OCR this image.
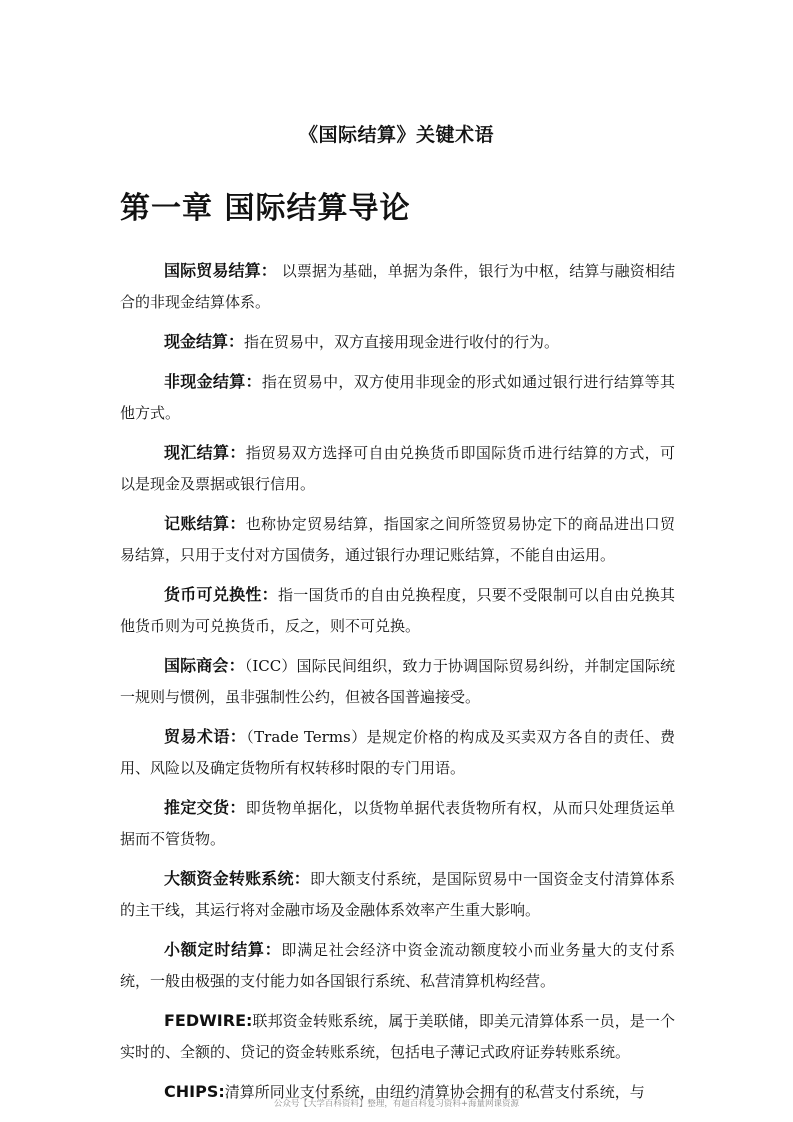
《国际结算》关键术语
第一章 国际结算导论

国际贸易结算： 以票据为基础，单据为条件，银行为中枢，结算与融资相结合的非现金结算体系。

现金结算：指在贸易中，双方直接用现金进行收付的行为。

非现金结算：指在贸易中，双方使用非现金的形式如通过银行进行结算等其他方式。

现汇结算：指贸易双方选择可自由兑换货币即国际货币进行结算的方式，可以是现金及票据或银行信用。

记账结算：也称协定贸易结算，指国家之间所签贸易协定下的商品进出口贸易结算，只用于支付对方国债务，通过银行办理记账结算，不能自由运用。

货币可兑换性：指一国货币的自由兑换程度，只要不受限制可以自由兑换其他货币则为可兑换货币，反之，则不可兑换。

国际商会：（ICC）国际民间组织，致力于协调国际贸易纠纷，并制定国际统一规则与惯例，虽非强制性公约，但被各国普遍接受。

贸易术语：（Trade Terms）是规定价格的构成及买卖双方各自的责任、费用、风险以及确定货物所有权转移时限的专门用语。

推定交货：即货物单据化，以货物单据代表货物所有权，从而只处理货运单据而不管货物。

大额资金转账系统：即大额支付系统，是国际贸易中一国资金支付清算体系的主干线，其运行将对金融市场及金融体系效率产生重大影响。

小额定时结算：即满足社会经济中资金流动额度较小而业务量大的支付系统，一般由极强的支付能力如各国银行系统、私营清算机构经营。

FEDWIRE:联邦资金转账系统，属于美联储，即美元清算体系一员，是一个实时的、全额的、贷记的资金转账系统，包括电子薄记式政府证券转账系统。

CHIPS:清算所同业支付系统，由纽约清算协会拥有的私营支付系统，与

公众号【大学百科资料】整理，有超百科复习资料+海量网课资源
